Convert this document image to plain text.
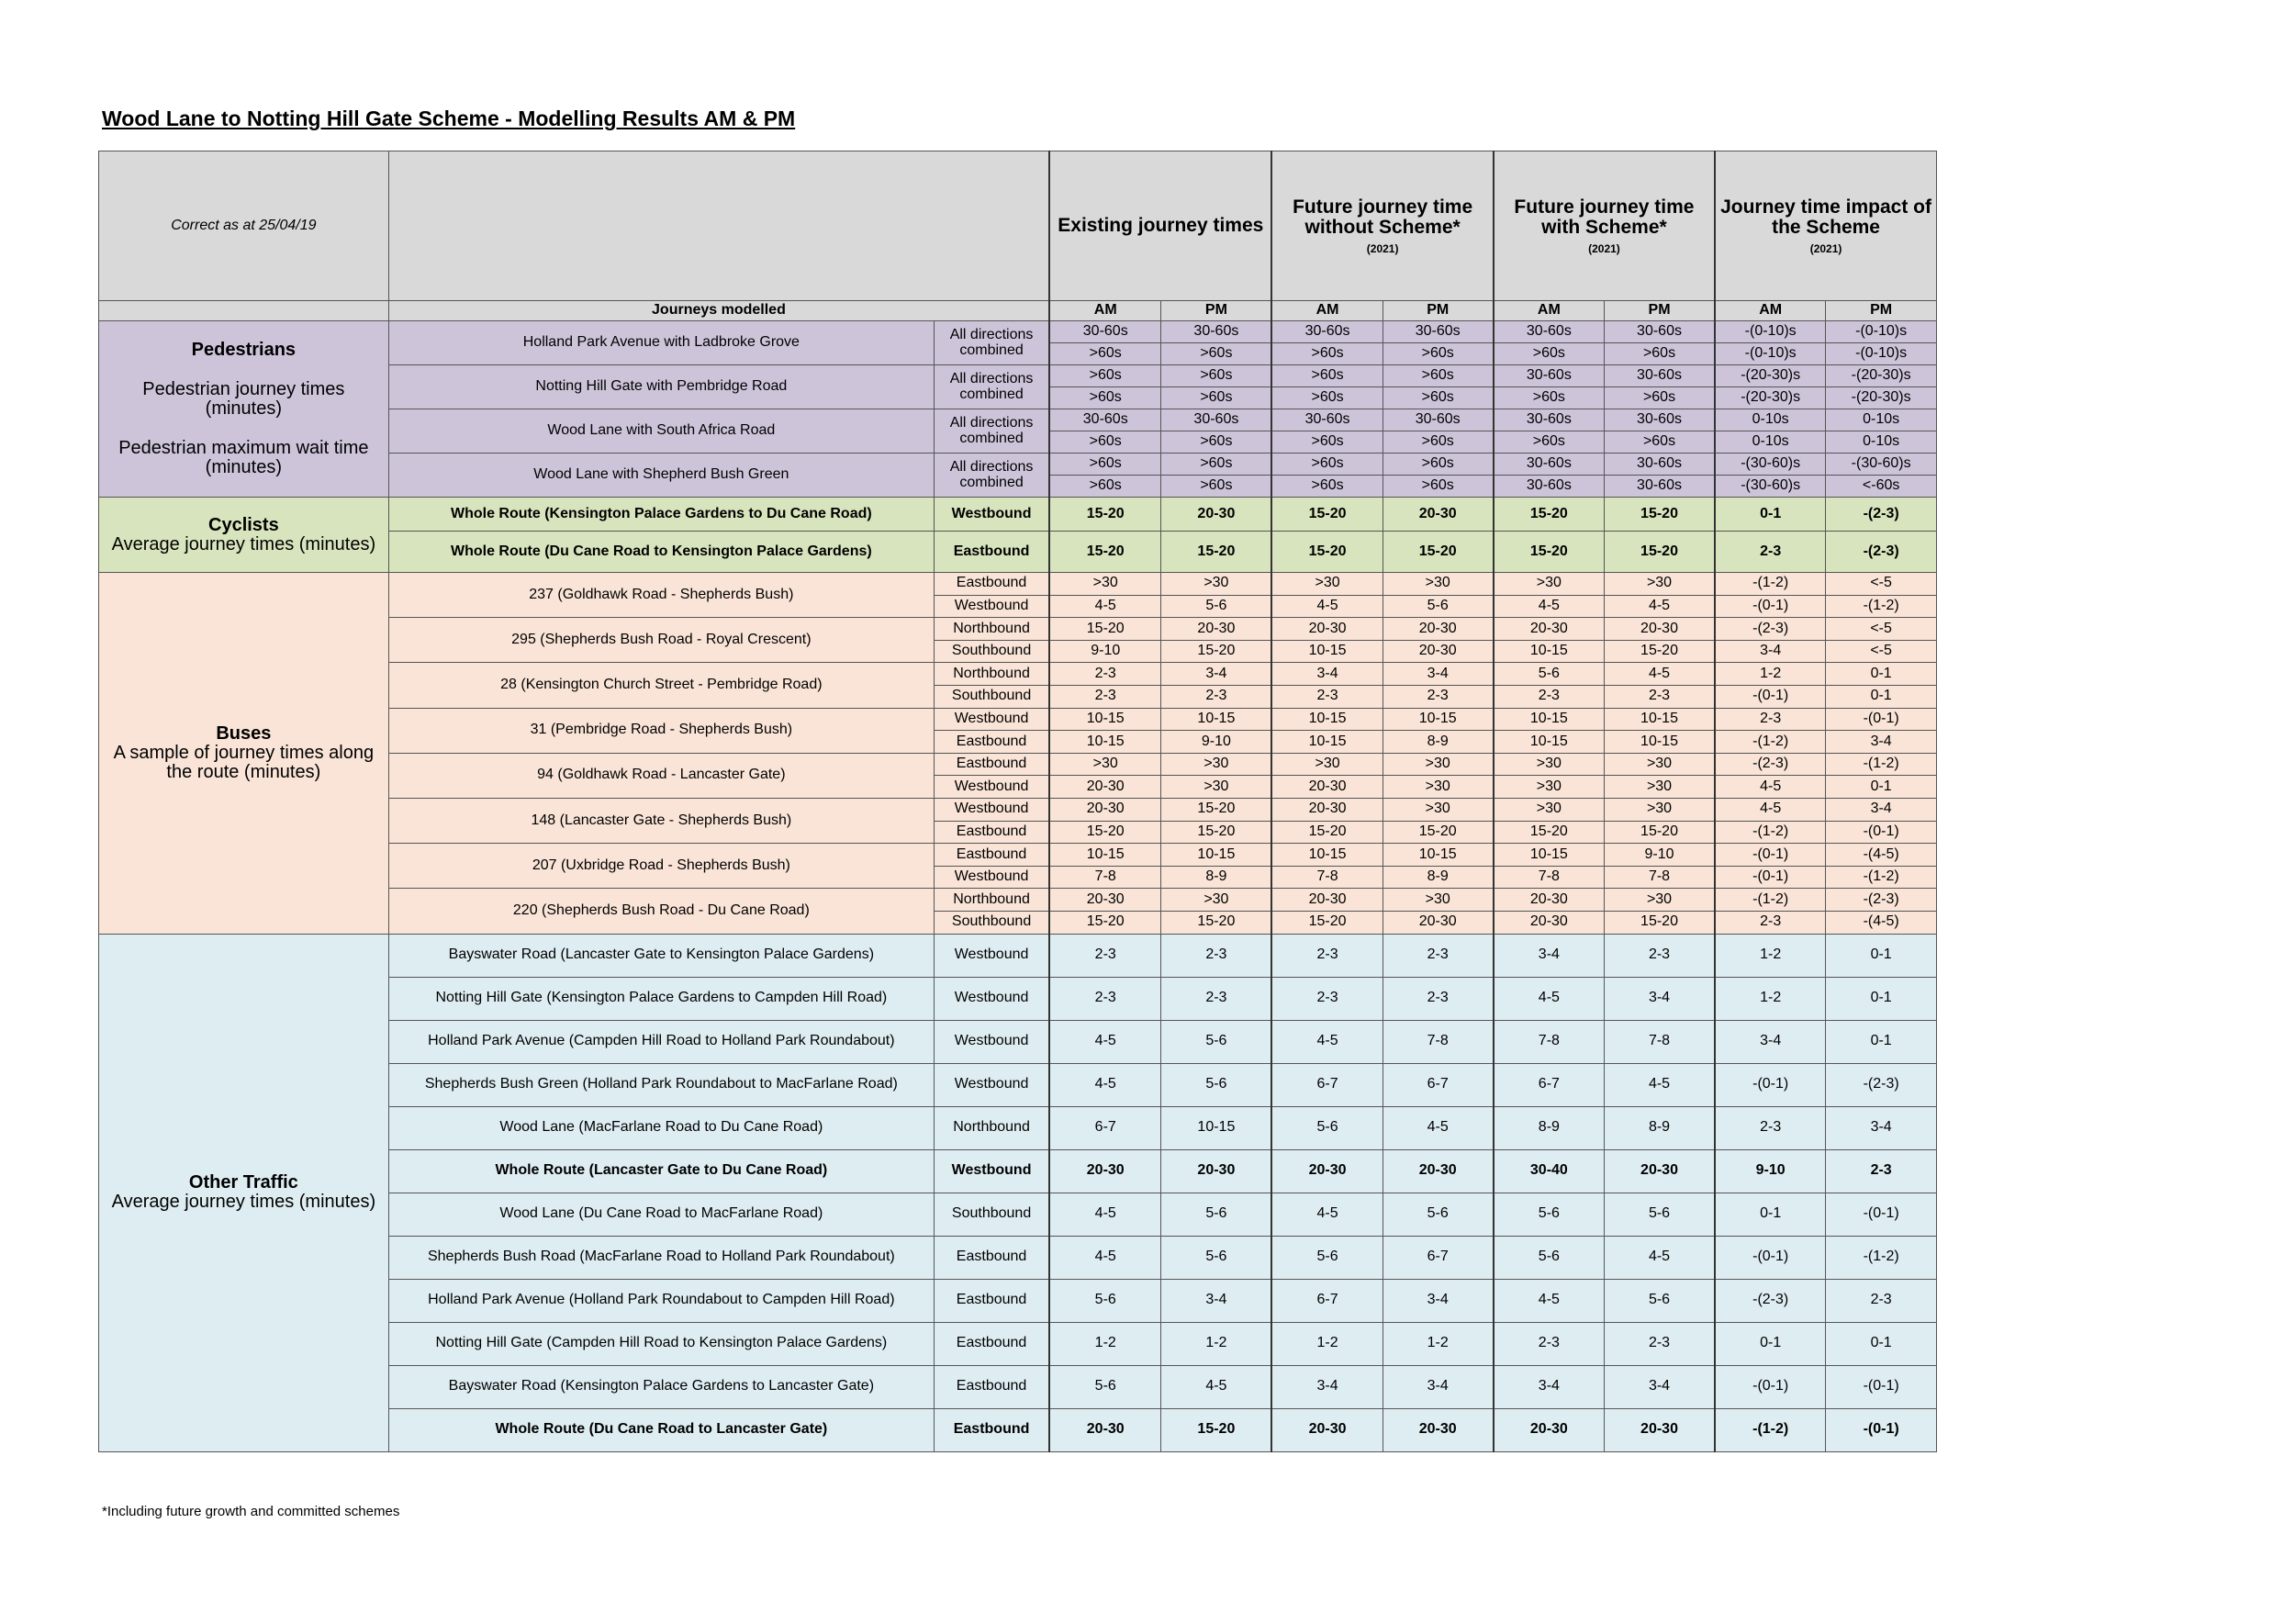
Wood Lane to Notting Hill Gate Scheme - Modelling Results AM & PM
Correct as at 25/04/19			Existing journey times		Future journey time without Scheme*
(2021)		Future journey time with Scheme*
(2021)		Journey time impact of the Scheme
(2021)	

	Journeys modelled		AM	PM	AM	PM	AM	PM	AM	PM

Pedestrians
Pedestrian journey times (minutes)
Pedestrian maximum wait time (minutes)	Holland Park Avenue with Ladbroke Grove	All directions combined	30-60s	30-60s	30-60s	30-60s	30-60s	30-60s	-(0-10)s	-(0-10)s
			>60s	>60s	>60s	>60s	>60s	>60s	-(0-10)s	-(0-10)s
	Notting Hill Gate with Pembridge Road	All directions combined	>60s	>60s	>60s	>60s	30-60s	30-60s	-(20-30)s	-(20-30)s
			>60s	>60s	>60s	>60s	>60s	>60s	-(20-30)s	-(20-30)s
	Wood Lane with South Africa Road	All directions combined	30-60s	30-60s	30-60s	30-60s	30-60s	30-60s	0-10s	0-10s
			>60s	>60s	>60s	>60s	>60s	>60s	0-10s	0-10s
	Wood Lane with Shepherd Bush Green	All directions combined	>60s	>60s	>60s	>60s	30-60s	30-60s	-(30-60)s	-(30-60)s
			>60s	>60s	>60s	>60s	30-60s	30-60s	-(30-60)s	<-60s

Cyclists
Average journey times (minutes)	Whole Route (Kensington Palace Gardens to Du Cane Road)	Westbound	15-20	20-30	15-20	20-30	15-20	15-20	0-1	-(2-3)
	Whole Route (Du Cane Road to Kensington Palace Gardens)	Eastbound	15-20	15-20	15-20	15-20	15-20	15-20	2-3	-(2-3)

Buses
A sample of journey times along the route (minutes)	237 (Goldhawk Road - Shepherds Bush)	Eastbound	>30	>30	>30	>30	>30	>30	-(1-2)	<-5
		Westbound	4-5	5-6	4-5	5-6	4-5	4-5	-(0-1)	-(1-2)
	295 (Shepherds Bush Road - Royal Crescent)	Northbound	15-20	20-30	20-30	20-30	20-30	20-30	-(2-3)	<-5
		Southbound	9-10	15-20	10-15	20-30	10-15	15-20	3-4	<-5
	28 (Kensington Church Street - Pembridge Road)	Northbound	2-3	3-4	3-4	3-4	5-6	4-5	1-2	0-1
		Southbound	2-3	2-3	2-3	2-3	2-3	2-3	-(0-1)	0-1
	31 (Pembridge Road - Shepherds Bush)	Westbound	10-15	10-15	10-15	10-15	10-15	10-15	2-3	-(0-1)
		Eastbound	10-15	9-10	10-15	8-9	10-15	10-15	-(1-2)	3-4
	94 (Goldhawk Road - Lancaster Gate)	Eastbound	>30	>30	>30	>30	>30	>30	-(2-3)	-(1-2)
		Westbound	20-30	>30	20-30	>30	>30	>30	4-5	0-1
	148 (Lancaster Gate - Shepherds Bush)	Westbound	20-30	15-20	20-30	>30	>30	>30	4-5	3-4
		Eastbound	15-20	15-20	15-20	15-20	15-20	15-20	-(1-2)	-(0-1)
	207 (Uxbridge Road - Shepherds Bush)	Eastbound	10-15	10-15	10-15	10-15	10-15	9-10	-(0-1)	-(4-5)
		Westbound	7-8	8-9	7-8	8-9	7-8	7-8	-(0-1)	-(1-2)
	220 (Shepherds Bush Road - Du Cane Road)	Northbound	20-30	>30	20-30	>30	20-30	>30	-(1-2)	-(2-3)
		Southbound	15-20	15-20	15-20	20-30	20-30	15-20	2-3	-(4-5)

Other Traffic
Average journey times (minutes)	Bayswater Road (Lancaster Gate to Kensington Palace Gardens)	Westbound	2-3	2-3	2-3	2-3	3-4	2-3	1-2	0-1
	Notting Hill Gate (Kensington Palace Gardens to Campden Hill Road)	Westbound	2-3	2-3	2-3	2-3	4-5	3-4	1-2	0-1
	Holland Park Avenue (Campden Hill Road to Holland Park Roundabout)	Westbound	4-5	5-6	4-5	7-8	7-8	7-8	3-4	0-1
	Shepherds Bush Green (Holland Park Roundabout to MacFarlane Road)	Westbound	4-5	5-6	6-7	6-7	6-7	4-5	-(0-1)	-(2-3)
	Wood Lane (MacFarlane Road to Du Cane Road)	Northbound	6-7	10-15	5-6	4-5	8-9	8-9	2-3	3-4
	Whole Route (Lancaster Gate to Du Cane Road)	Westbound	20-30	20-30	20-30	20-30	30-40	20-30	9-10	2-3
	Wood Lane (Du Cane Road to MacFarlane Road)	Southbound	4-5	5-6	4-5	5-6	5-6	5-6	0-1	-(0-1)
	Shepherds Bush Road (MacFarlane Road to Holland Park Roundabout)	Eastbound	4-5	5-6	5-6	6-7	5-6	4-5	-(0-1)	-(1-2)
	Holland Park Avenue (Holland Park Roundabout to Campden Hill Road)	Eastbound	5-6	3-4	6-7	3-4	4-5	5-6	-(2-3)	2-3
	Notting Hill Gate (Campden Hill Road to Kensington Palace Gardens)	Eastbound	1-2	1-2	1-2	1-2	2-3	2-3	0-1	0-1
	Bayswater Road (Kensington Palace Gardens to Lancaster Gate)	Eastbound	5-6	4-5	3-4	3-4	3-4	3-4	-(0-1)	-(0-1)
	Whole Route (Du Cane Road to Lancaster Gate)	Eastbound	20-30	15-20	20-30	20-30	20-30	20-30	-(1-2)	-(0-1)
*Including future growth and committed schemes
